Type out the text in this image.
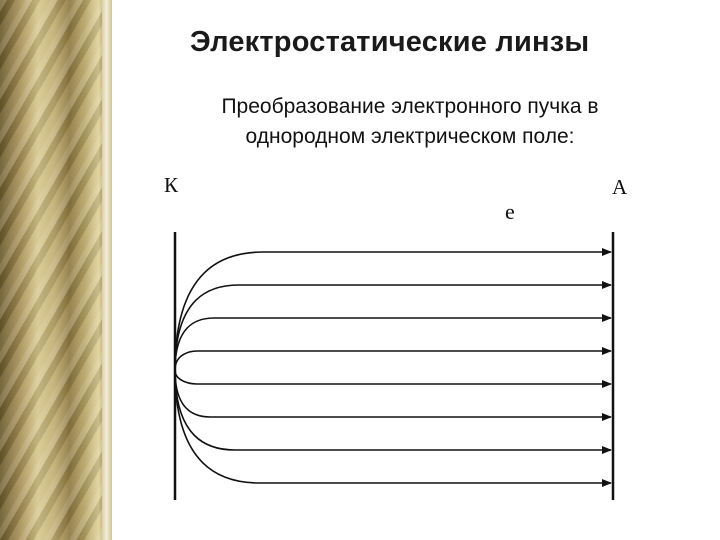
Электростатические линзы
Преобразование электронного пучка в
однородном электрическом поле:
К	А
е
